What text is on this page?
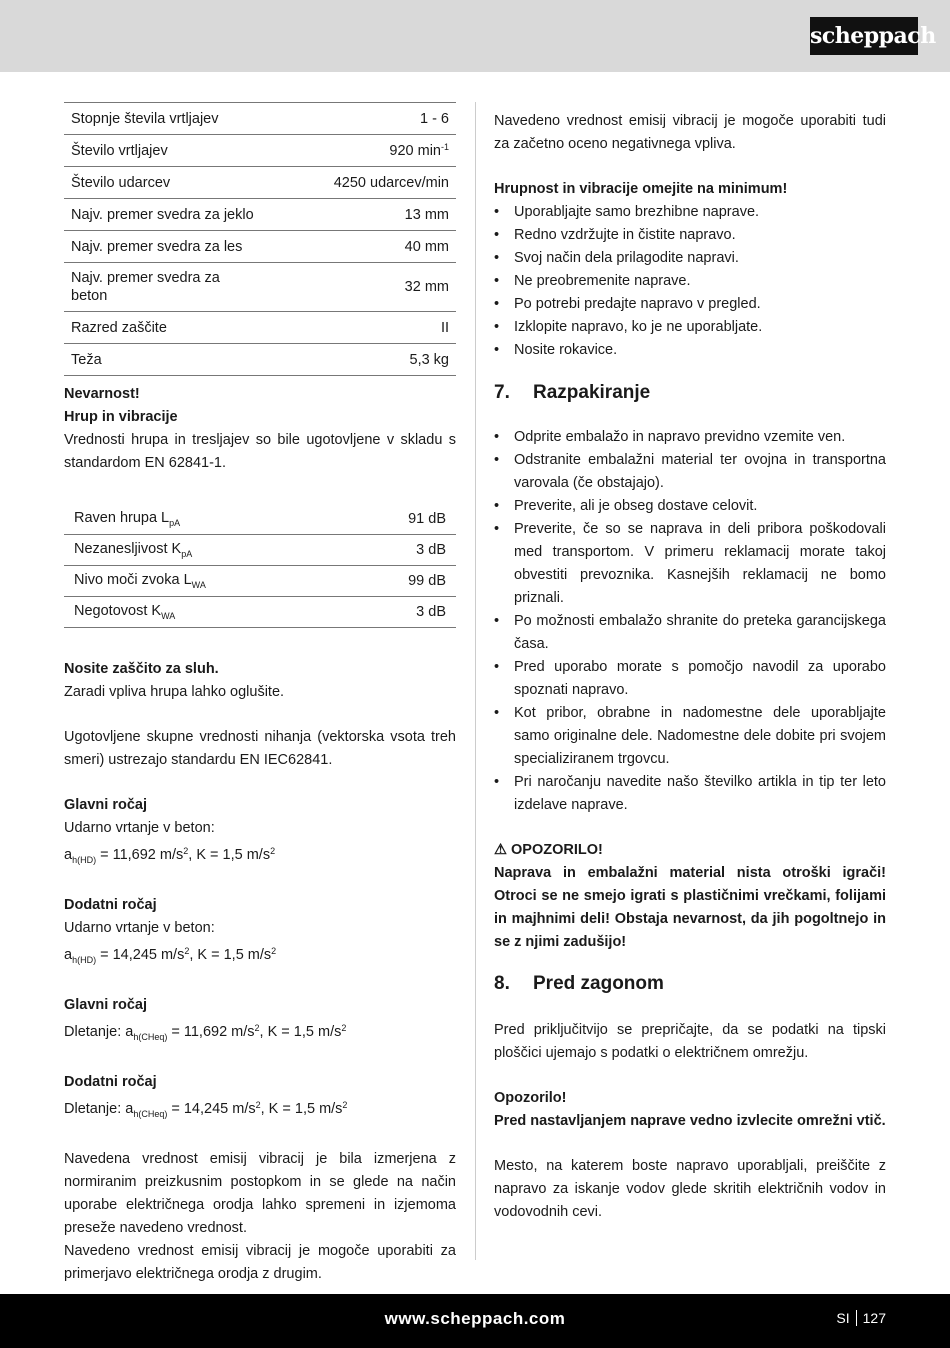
scheppach
Stopnje števila vrtljajev	1 - 6
Število vrtljajev	920 $\min^{-1}$
Število udarcev	4250 udarcev/min
Najv. premer svedra za jeklo	13 mm
Najv. premer svedra za les	40 mm
Najv. premer svedra za beton	32 mm
Razred zaščite	II
Teža	5,3 kg

Nevarnost!

Hrup in vibracije

Vrednosti hrupa in tresljajev so bile ugotovljene v skladu s standardom EN 62841-1.

Raven hrupa $L_{pA}$	91 dB
Nezanesljivost $K_{pA}$	3 dB
Nivo moči zvoka $L_{WA}$	99 dB
Negotovost $K_{WA}$	3 dB

Nosite zaščito za sluh.

Zaradi vpliva hrupa lahko oglušite.

Ugotovljene skupne vrednosti nihanja (vektorska vsota treh smeri) ustrezajo standardu EN IEC62841.

Glavni ročaj

Udarno vrtanje v beton:

$a_{h(HD)} = 11,692$ $m/s^2$, K = 1,5 $m/s^2$

Dodatni ročaj

Udarno vrtanje v beton:

$a_{h(HD)} = 14,245$ $m/s^2$, K = 1,5 $m/s^2$

Glavni ročaj

Dletanje: $a_{h(CHeq)} = 11,692$ $m/s^2$, K = 1,5 $m/s^2$

Dodatni ročaj

Dletanje: $a_{h(CHeq)} = 14,245$ $m/s^2$, K = 1,5 $m/s^2$

Navedena vrednost emisij vibracij je bila izmerjena z normiranim preizkusnim postopkom in se glede na način uporabe električnega orodja lahko spremeni in izjemoma preseže navedeno vrednost.

Navedeno vrednost emisij vibracij je mogoče uporabiti za primerjavo električnega orodja z drugim.

Navedeno vrednost emisij vibracij je mogoče uporabiti tudi za začetno oceno negativnega vpliva.

Hrupnost in vibracije omejite na minimum!

• Uporabljajte samo brezhibne naprave.
• Redno vzdržujte in čistite napravo.
• Svoj način dela prilagodite napravi.
• Ne preobremenite naprave.
• Po potrebi predajte napravo v pregled.
• Izklopite napravo, ko je ne uporabljate.
• Nosite rokavice.
7. Razpakiranje
• Odprite embalažo in napravo previdno vzemite ven.
• Odstranite embalažni material ter ovojna in transportna varovala (če obstajajo).
• Preverite, ali je obseg dostave celovit.
• Preverite, če so se naprava in deli pribora poškodovali med transportom. V primeru reklamacij morate takoj obvestiti prevoznika. Kasnejših reklamacij ne bomo priznali.
• Po možnosti embalažo shranite do preteka garancijskega časa.
• Pred uporabo morate s pomočjo navodil za uporabo spoznati napravo.
• Kot pribor, obrabne in nadomestne dele uporabljajte samo originalne dele. Nadomestne dele dobite pri svojem specializiranem trgovcu.
• Pri naročanju navedite našo številko artikla in tip ter leto izdelave naprave.

⚠ OPOZORILO!

Naprava in embalažni material nista otroški igrači! Otroci se ne smejo igrati s plastičnimi vrečkami, folijami in majhnimi deli! Obstaja nevarnost, da jih pogoltnejo in se z njimi zadušijo!

8. Pred zagonom

Pred priključitvijo se prepričajte, da se podatki na tipski ploščici ujemajo s podatki o električnem omrežju.

Opozorilo!

Pred nastavljanjem naprave vedno izvlecite omrežni vtič.

Mesto, na katerem boste napravo uporabljali, preiščite z napravo za iskanje vodov glede skritih električnih vodov in vodovodnih cevi.

www.scheppach.com	SI 127
